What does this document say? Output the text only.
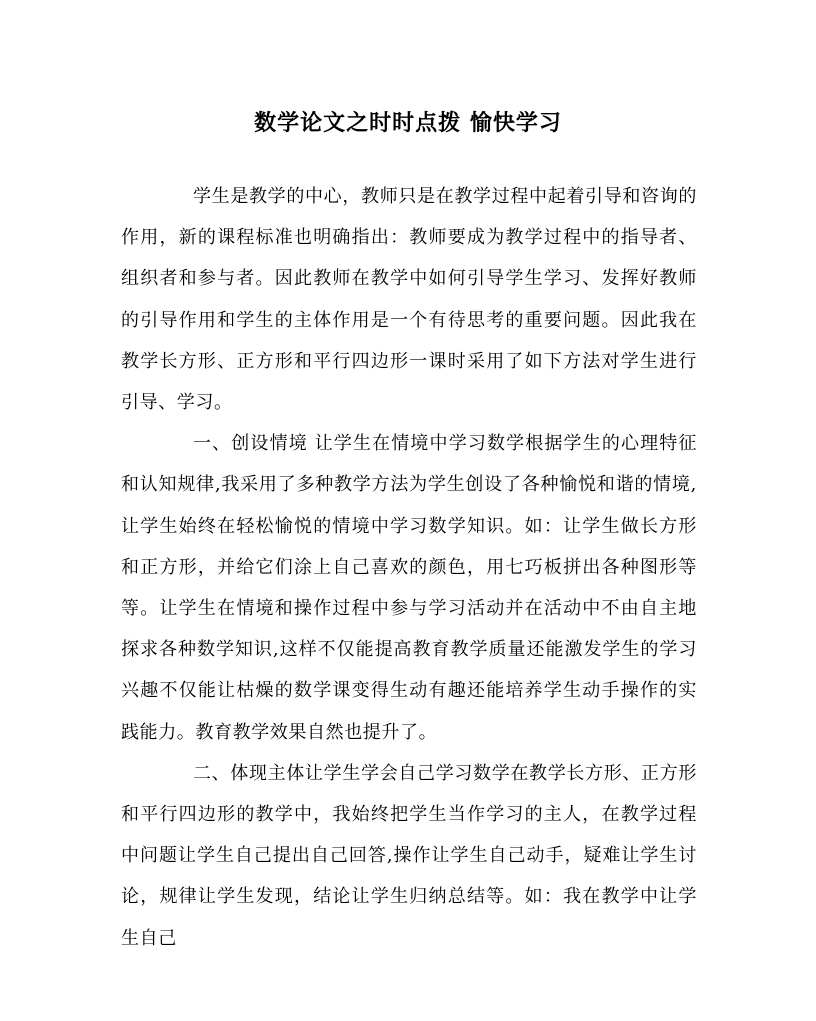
数学论文之时时点拨 愉快学习

学生是教学的中心，教师只是在教学过程中起着引导和咨询的作用，新的课程标准也明确指出：教师要成为教学过程中的指导者、组织者和参与者。因此教师在教学中如何引导学生学习、发挥好教师的引导作用和学生的主体作用是一个有待思考的重要问题。因此我在教学长方形、正方形和平行四边形一课时采用了如下方法对学生进行引导、学习。

一、创设情境 让学生在情境中学习数学根据学生的心理特征和认知规律,我采用了多种教学方法为学生创设了各种愉悦和谐的情境,让学生始终在轻松愉悦的情境中学习数学知识。如：让学生做长方形和正方形，并给它们涂上自己喜欢的颜色，用七巧板拼出各种图形等等。让学生在情境和操作过程中参与学习活动并在活动中不由自主地探求各种数学知识,这样不仅能提高教育教学质量还能激发学生的学习兴趣不仅能让枯燥的数学课变得生动有趣还能培养学生动手操作的实践能力。教育教学效果自然也提升了。

二、体现主体让学生学会自己学习数学在教学长方形、正方形和平行四边形的教学中，我始终把学生当作学习的主人，在教学过程中问题让学生自己提出自己回答,操作让学生自己动手，疑难让学生讨论，规律让学生发现，结论让学生归纳总结等。如：我在教学中让学生自己
